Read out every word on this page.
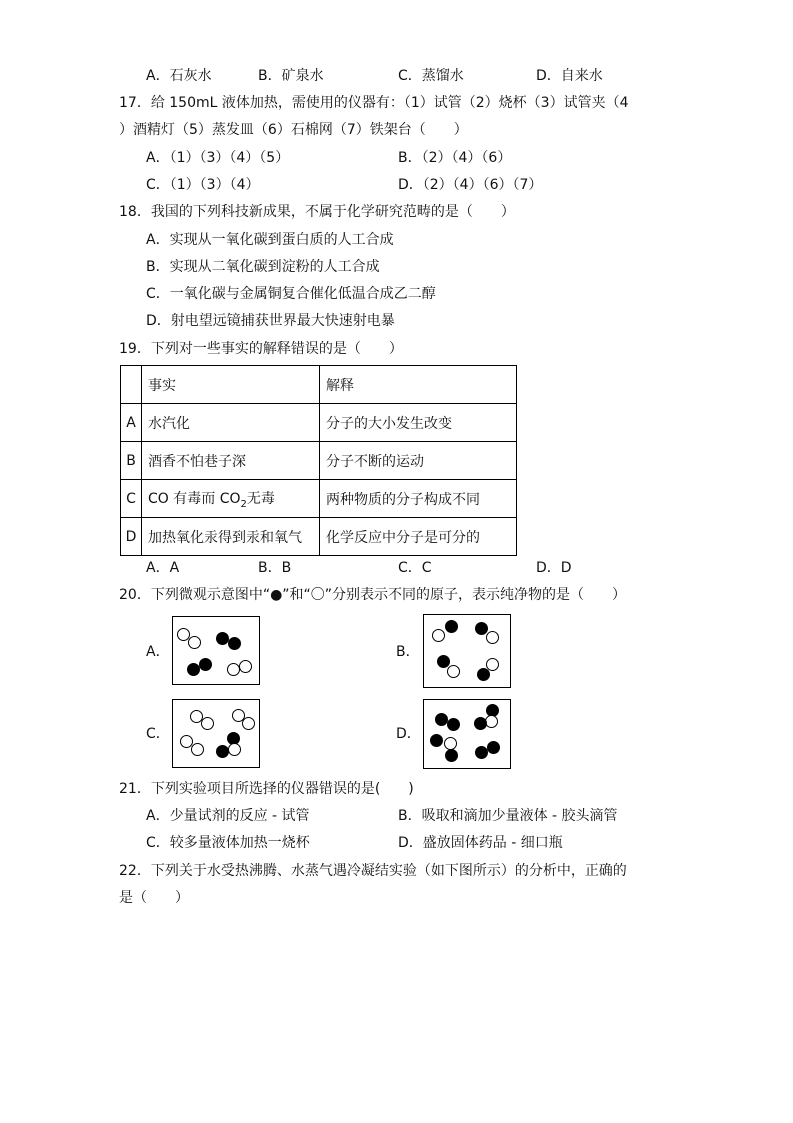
A．石灰水	B．矿泉水	C．蒸馏水	D．自来水
17．给 150mL 液体加热，需使用的仪器有：（1）试管（2）烧杯（3）试管夹（4
）酒精灯（5）蒸发皿（6）石棉网（7）铁架台（　　）
A．（1）（3）（4）（5）	B．（2）（4）（6）
C．（1）（3）（4）	D．（2）（4）（6）（7）
18．我国的下列科技新成果，不属于化学研究范畴的是（　　）
A．实现从一氧化碳到蛋白质的人工合成
B．实现从二氧化碳到淀粉的人工合成
C．一氧化碳与金属铜复合催化低温合成乙二醇
D．射电望远镜捕获世界最大快速射电暴
19．下列对一些事实的解释错误的是（　　）
	事实	解释
A	水汽化	分子的大小发生改变
B	酒香不怕巷子深	分子不断的运动
C	CO 有毒而 $CO_2$无毒	两种物质的分子构成不同
D	加热氧化汞得到汞和氧气	化学反应中分子是可分的
A．A	B．B	C．C	D．D
20．下列微观示意图中“●”和“〇”分别表示不同的原子，表示纯净物的是（　　）
A．	B．
C．	D．
21．下列实验项目所选择的仪器错误的是(　　)
A．少量试剂的反应 - 试管	B．吸取和滴加少量液体 - 胶头滴管
C．较多量液体加热一烧杯	D．盛放固体药品 - 细口瓶
22．下列关于水受热沸腾、水蒸气遇冷凝结实验（如下图所示）的分析中，正确的
是（　　）
